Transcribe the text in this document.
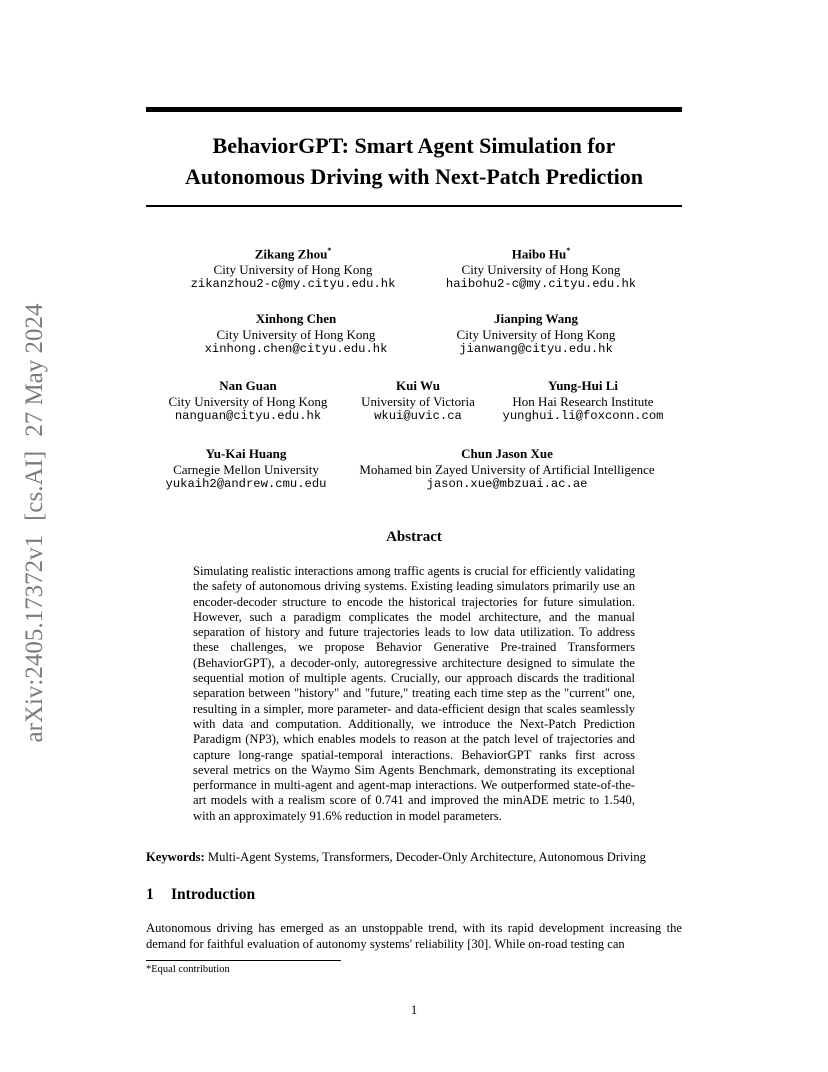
arXiv:2405.17372v1[cs.AI]27 May 2024
BehaviorGPT: Smart Agent Simulation for
Autonomous Driving with Next-Patch Prediction
Zikang Zhou*
City University of Hong Kong
zikanzhou2-c@my.cityu.edu.hk
Haibo Hu*
City University of Hong Kong
haibohu2-c@my.cityu.edu.hk
Xinhong Chen
City University of Hong Kong
xinhong.chen@cityu.edu.hk
Jianping Wang
City University of Hong Kong
jianwang@cityu.edu.hk
Nan Guan
City University of Hong Kong
nanguan@cityu.edu.hk
Kui Wu
University of Victoria
wkui@uvic.ca
Yung-Hui Li
Hon Hai Research Institute
yunghui.li@foxconn.com
Yu-Kai Huang
Carnegie Mellon University
yukaih2@andrew.cmu.edu
Chun Jason Xue
Mohamed bin Zayed University of Artificial Intelligence
jason.xue@mbzuai.ac.ae
Abstract

Simulating realistic interactions among traffic agents is crucial for efficiently validating the safety of autonomous driving systems. Existing leading simulators primarily use an encoder-decoder structure to encode the historical trajectories for future simulation. However, such a paradigm complicates the model architecture, and the manual separation of history and future trajectories leads to low data utilization. To address these challenges, we propose Behavior Generative Pre-trained Transformers (BehaviorGPT), a decoder-only, autoregressive architecture designed to simulate the sequential motion of multiple agents. Crucially, our approach discards the traditional separation between "history" and "future," treating each time step as the "current" one, resulting in a simpler, more parameter- and data-efficient design that scales seamlessly with data and computation. Additionally, we introduce the Next-Patch Prediction Paradigm (NP3), which enables models to reason at the patch level of trajectories and capture long-range spatial-temporal interactions. BehaviorGPT ranks first across several metrics on the Waymo Sim Agents Benchmark, demonstrating its exceptional performance in multi-agent and agent-map interactions. We outperformed state-of-the-art models with a realism score of 0.741 and improved the minADE metric to 1.540, with an approximately 91.6% reduction in model parameters.

Keywords: Multi-Agent Systems, Transformers, Decoder-Only Architecture, Autonomous Driving
1 Introduction

Autonomous driving has emerged as an unstoppable trend, with its rapid development increasing the demand for faithful evaluation of autonomy systems' reliability [30]. While on-road testing can

*Equal contribution
1
